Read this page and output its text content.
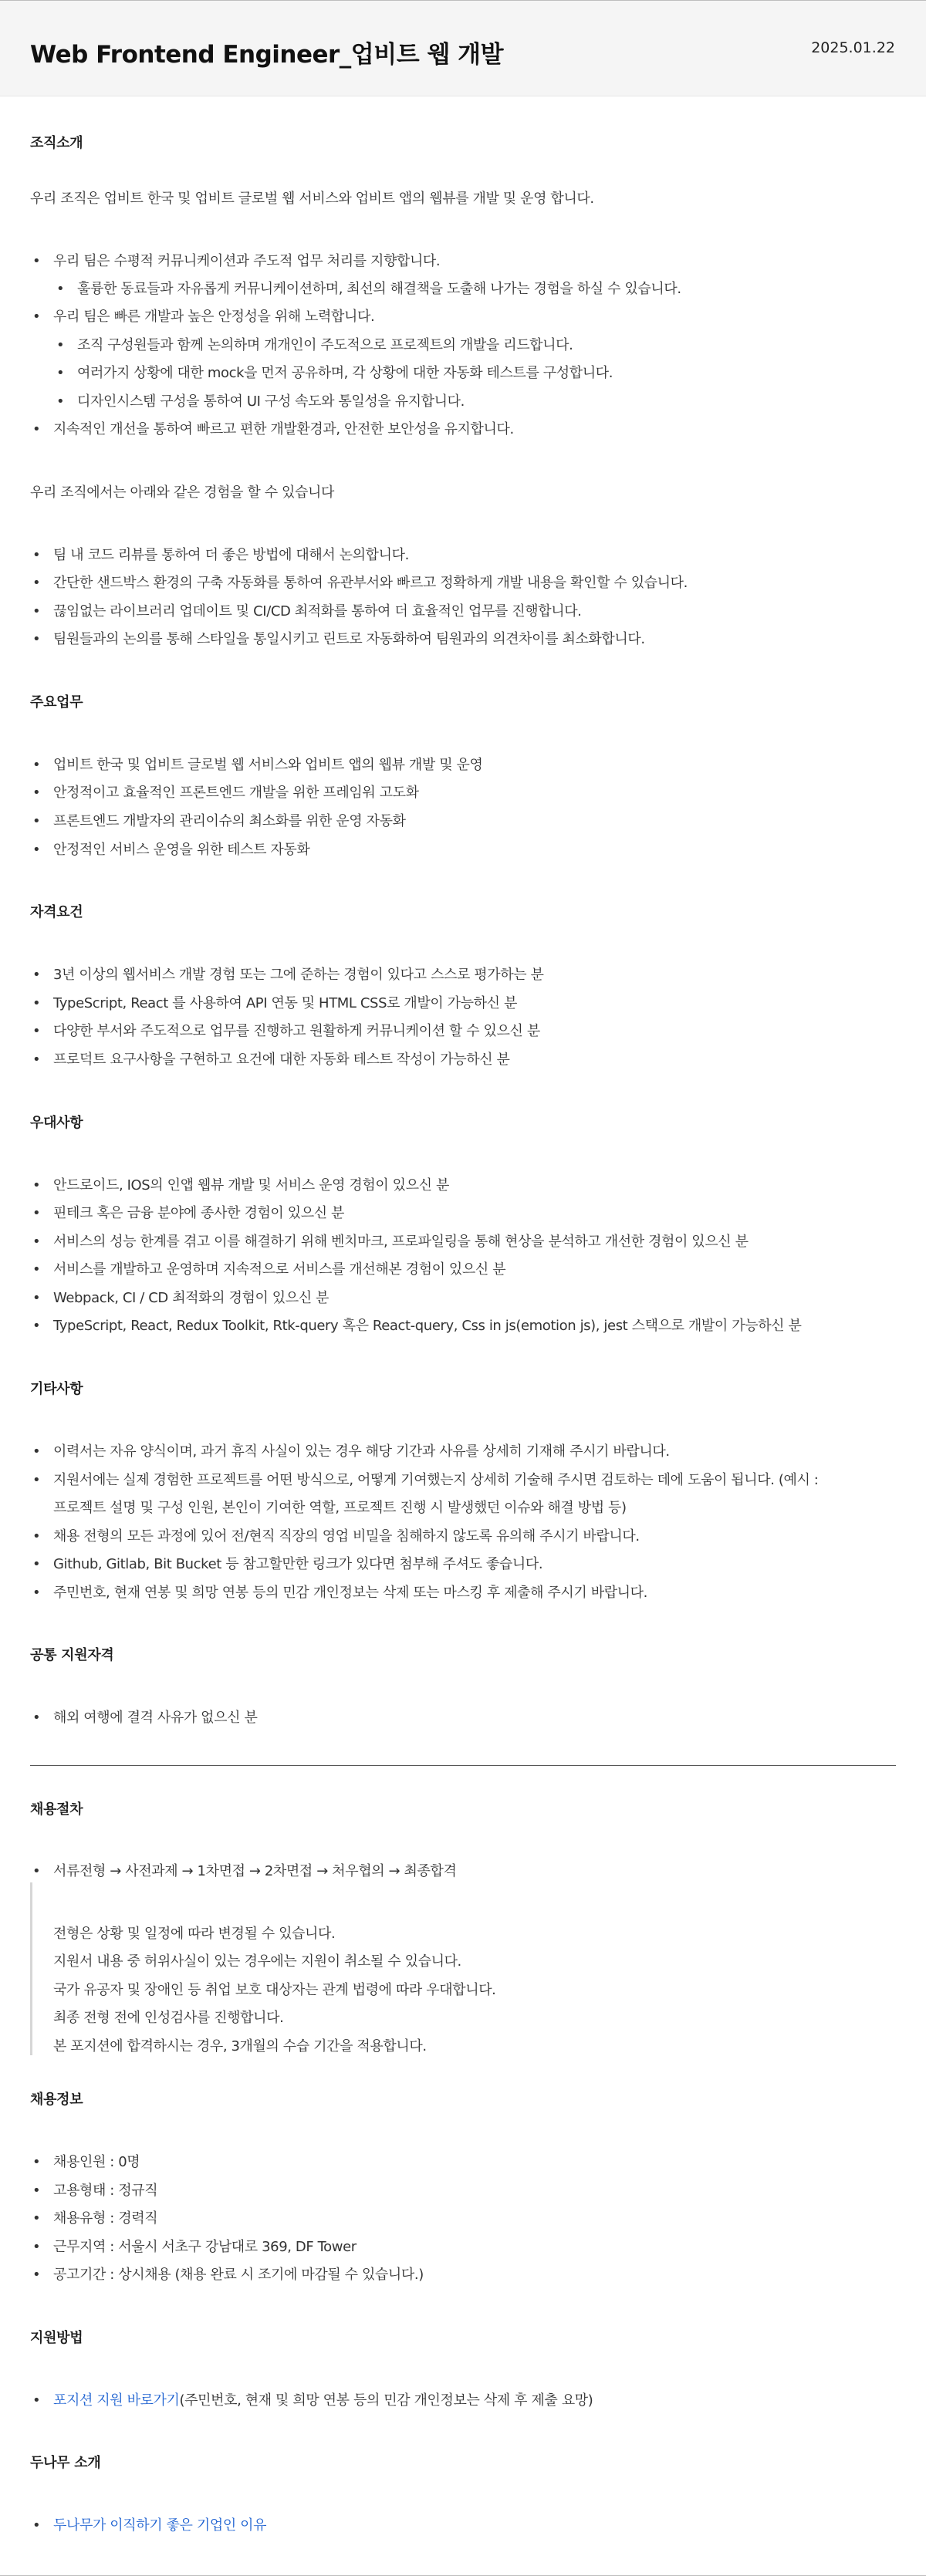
Web Frontend Engineer_업비트 웹 개발	2025.01.22
조직소개
우리 조직은 업비트 한국 및 업비트 글로벌 웹 서비스와 업비트 앱의 웹뷰를 개발 및 운영 합니다.
• 우리 팀은 수평적 커뮤니케이션과 주도적 업무 처리를 지향합니다.
• 훌륭한 동료들과 자유롭게 커뮤니케이션하며, 최선의 해결책을 도출해 나가는 경험을 하실 수 있습니다.
• 우리 팀은 빠른 개발과 높은 안정성을 위해 노력합니다.
• 조직 구성원들과 함께 논의하며 개개인이 주도적으로 프로젝트의 개발을 리드합니다.
• 여러가지 상황에 대한 mock을 먼저 공유하며, 각 상황에 대한 자동화 테스트를 구성합니다.
• 디자인시스템 구성을 통하여 UI 구성 속도와 통일성을 유지합니다.
• 지속적인 개선을 통하여 빠르고 편한 개발환경과, 안전한 보안성을 유지합니다.
우리 조직에서는 아래와 같은 경험을 할 수 있습니다
• 팀 내 코드 리뷰를 통하여 더 좋은 방법에 대해서 논의합니다.
• 간단한 샌드박스 환경의 구축 자동화를 통하여 유관부서와 빠르고 정확하게 개발 내용을 확인할 수 있습니다.
• 끊임없는 라이브러리 업데이트 및 CI/CD 최적화를 통하여 더 효율적인 업무를 진행합니다.
• 팀원들과의 논의를 통해 스타일을 통일시키고 린트로 자동화하여 팀원과의 의견차이를 최소화합니다.
주요업무
• 업비트 한국 및 업비트 글로벌 웹 서비스와 업비트 앱의 웹뷰 개발 및 운영
• 안정적이고 효율적인 프론트엔드 개발을 위한 프레임워 고도화
• 프론트엔드 개발자의 관리이슈의 최소화를 위한 운영 자동화
• 안정적인 서비스 운영을 위한 테스트 자동화
자격요건
• 3년 이상의 웹서비스 개발 경험 또는 그에 준하는 경험이 있다고 스스로 평가하는 분
• TypeScript, React 를 사용하여 API 연동 및 HTML CSS로 개발이 가능하신 분
• 다양한 부서와 주도적으로 업무를 진행하고 원활하게 커뮤니케이션 할 수 있으신 분
• 프로덕트 요구사항을 구현하고 요건에 대한 자동화 테스트 작성이 가능하신 분
우대사항
• 안드로이드, IOS의 인앱 웹뷰 개발 및 서비스 운영 경험이 있으신 분
• 핀테크 혹은 금융 분야에 종사한 경험이 있으신 분
• 서비스의 성능 한계를 겪고 이를 해결하기 위해 벤치마크, 프로파일링을 통해 현상을 분석하고 개선한 경험이 있으신 분
• 서비스를 개발하고 운영하며 지속적으로 서비스를 개선해본 경험이 있으신 분
• Webpack, CI / CD 최적화의 경험이 있으신 분
• TypeScript, React, Redux Toolkit, Rtk-query 혹은 React-query, Css in js(emotion js), jest 스택으로 개발이 가능하신 분
기타사항
• 이력서는 자유 양식이며, 과거 휴직 사실이 있는 경우 해당 기간과 사유를 상세히 기재해 주시기 바랍니다.
• 지원서에는 실제 경험한 프로젝트를 어떤 방식으로, 어떻게 기여했는지 상세히 기술해 주시면 검토하는 데에 도움이 됩니다. (예시 :
프로젝트 설명 및 구성 인원, 본인이 기여한 역할, 프로젝트 진행 시 발생했던 이슈와 해결 방법 등)
• 채용 전형의 모든 과정에 있어 전/현직 직장의 영업 비밀을 침해하지 않도록 유의해 주시기 바랍니다.
• Github, Gitlab, Bit Bucket 등 참고할만한 링크가 있다면 첨부해 주셔도 좋습니다.
• 주민번호, 현재 연봉 및 희망 연봉 등의 민감 개인정보는 삭제 또는 마스킹 후 제출해 주시기 바랍니다.
공통 지원자격
• 해외 여행에 결격 사유가 없으신 분
채용절차
• 서류전형 → 사전과제 → 1차면접 → 2차면접 → 처우협의 → 최종합격
전형은 상황 및 일정에 따라 변경될 수 있습니다.
지원서 내용 중 허위사실이 있는 경우에는 지원이 취소될 수 있습니다.
국가 유공자 및 장애인 등 취업 보호 대상자는 관계 법령에 따라 우대합니다.
최종 전형 전에 인성검사를 진행합니다.
본 포지션에 합격하시는 경우, 3개월의 수습 기간을 적용합니다.
채용정보
• 채용인원 : 0명
• 고용형태 : 정규직
• 채용유형 : 경력직
• 근무지역 : 서울시 서초구 강남대로 369, DF Tower
• 공고기간 : 상시채용 (채용 완료 시 조기에 마감될 수 있습니다.)
지원방법
• 포지션 지원 바로가기(주민번호, 현재 및 희망 연봉 등의 민감 개인정보는 삭제 후 제출 요망)
두나무 소개
• 두나무가 이직하기 좋은 기업인 이유
